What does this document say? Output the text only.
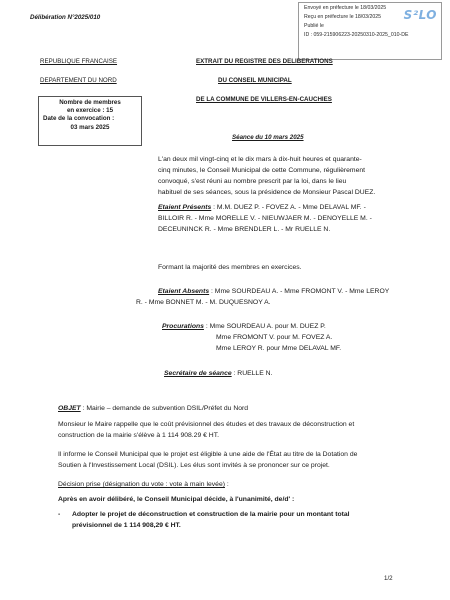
Délibération N°2025/010
REPUBLIQUE FRANCAISE
DEPARTEMENT DU NORD
Envoyé en préfecture le 18/03/2025
Reçu en préfecture le 18/03/2025
Publié le
ID : 059-215906223-20250310-2025_010-DE
S²LO
Nombre de membres
en exercice : 15
Date de la convocation :
03 mars 2025
EXTRAIT DU REGISTRE DES DELIBERATIONS
DU CONSEIL MUNICIPAL
DE LA COMMUNE DE VILLERS-EN-CAUCHIES
Séance du 10 mars 2025
L'an deux mil vingt-cinq et le dix mars à dix-huit heures et quarante-
cinq minutes, le Conseil Municipal de cette Commune, régulièrement
convoqué, s'est réuni au nombre prescrit par la loi, dans le lieu
habituel de ses séances, sous la présidence de Monsieur Pascal DUEZ.
Etaient Présents : M.M. DUEZ P. - FOVEZ A. - Mme DELAVAL MF. -
BILLOIR R. - Mme MORELLE V. - NIEUWJAER M. - DENOYELLE M. -
DECEUNINCK R. - Mme BRENDLER L. - Mr RUELLE N.
Formant la majorité des membres en exercices.
Etaient Absents : Mme SOURDEAU A. - Mme FROMONT V. - Mme LEROY
R. - Mme BONNET M. - M. DUQUESNOY A.
Procurations : Mme SOURDEAU A. pour M. DUEZ P.
Mme FROMONT V. pour M. FOVEZ A.
Mme LEROY R. pour Mme DELAVAL MF.
Secrétaire de séance : RUELLE N.
OBJET : Mairie – demande de subvention DSIL/Préfet du Nord
Monsieur le Maire rappelle que le coût prévisionnel des études et des travaux de déconstruction et
construction de la mairie s'élève à 1 114 908.29 € HT.
Il informe le Conseil Municipal que le projet est éligible à une aide de l'État au titre de la Dotation de
Soutien à l'Investissement Local (DSIL). Les élus sont invités à se prononcer sur ce projet.
Décision prise (désignation du vote : vote à main levée) :
Après en avoir délibéré, le Conseil Municipal décide, à l'unanimité, de/d' :
-	Adopter le projet de déconstruction et construction de la mairie pour un montant total
prévisionnel de 1 114 908,29 € HT.
1/2
